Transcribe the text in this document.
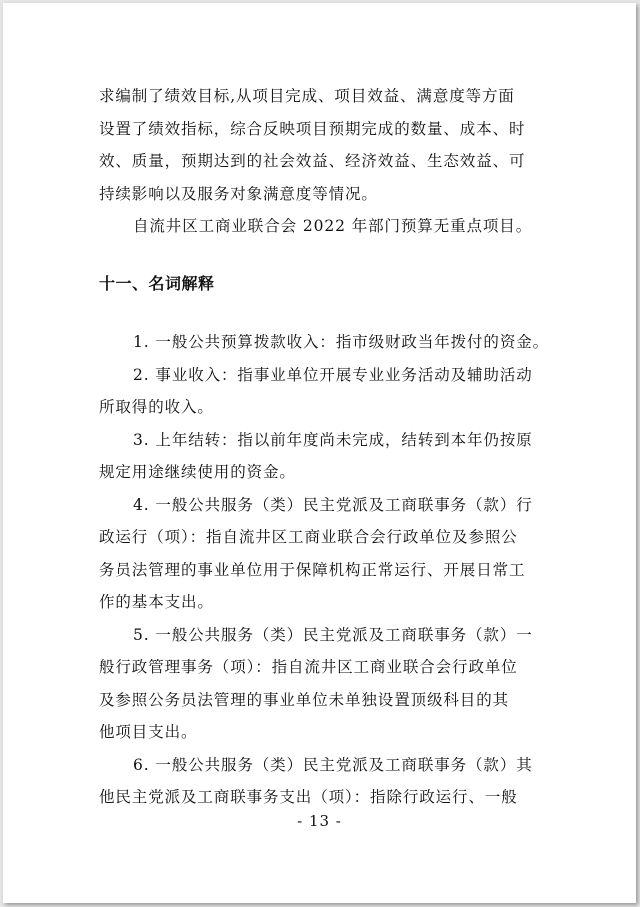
求编制了绩效目标,从项目完成、项目效益、满意度等方面
设置了绩效指标，综合反映项目预期完成的数量、成本、时
效、质量，预期达到的社会效益、经济效益、生态效益、可
持续影响以及服务对象满意度等情况。
自流井区工商业联合会 2022 年部门预算无重点项目。
十一、名词解释
1. 一般公共预算拨款收入：指市级财政当年拨付的资金。
2. 事业收入：指事业单位开展专业业务活动及辅助活动
所取得的收入。
3. 上年结转：指以前年度尚未完成，结转到本年仍按原
规定用途继续使用的资金。
4. 一般公共服务（类）民主党派及工商联事务（款）行
政运行（项）：指自流井区工商业联合会行政单位及参照公
务员法管理的事业单位用于保障机构正常运行、开展日常工
作的基本支出。
5. 一般公共服务（类）民主党派及工商联事务（款）一
般行政管理事务（项）：指自流井区工商业联合会行政单位
及参照公务员法管理的事业单位未单独设置顶级科目的其
他项目支出。
6. 一般公共服务（类）民主党派及工商联事务（款）其
他民主党派及工商联事务支出（项）：指除行政运行、一般
- 13 -
